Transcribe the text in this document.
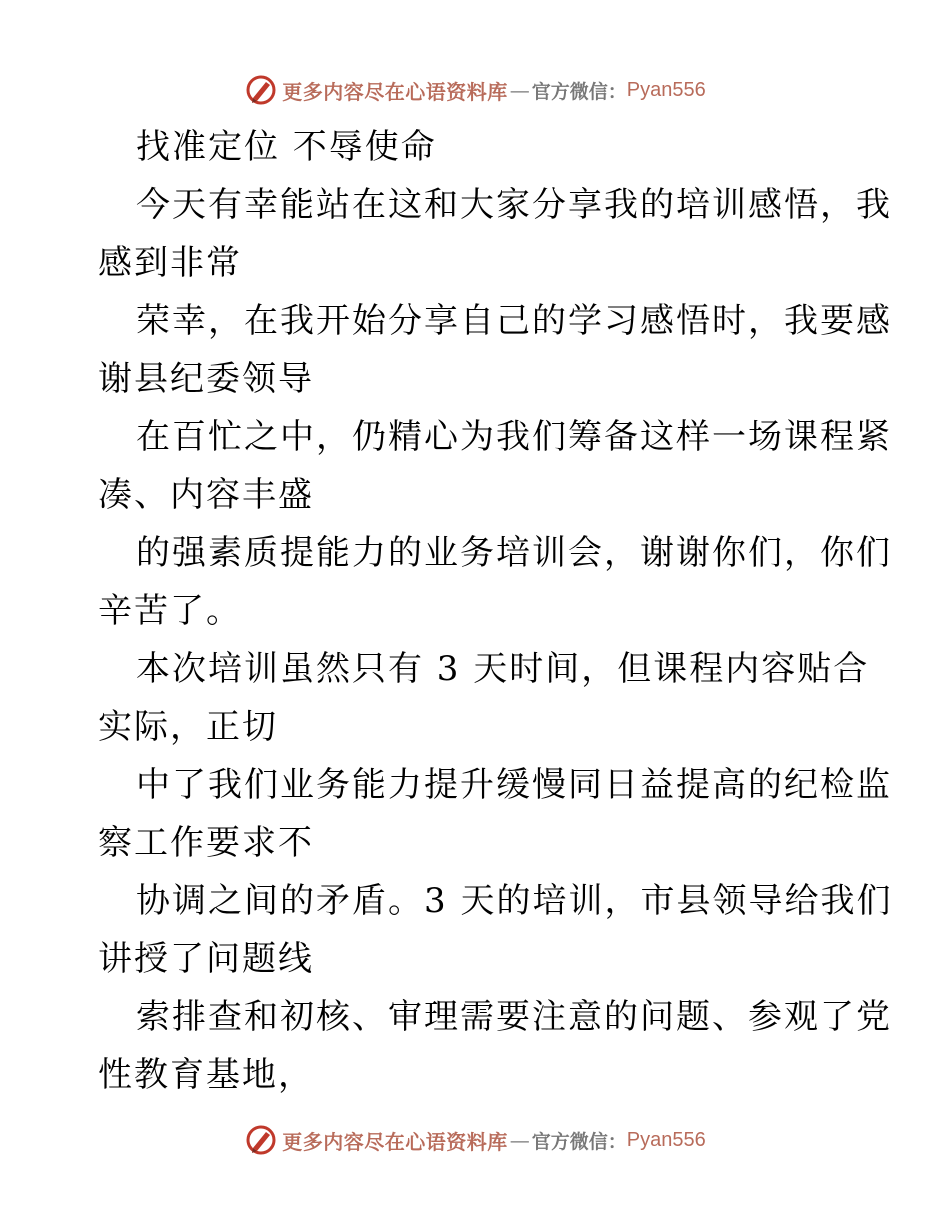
更多内容尽在心语资料库 — 官方微信： Pyan556
找准定位 不辱使命
今天有幸能站在这和大家分享我的培训感悟，我
感到非常
荣幸，在我开始分享自己的学习感悟时，我要感
谢县纪委领导
在百忙之中，仍精心为我们筹备这样一场课程紧
凑、内容丰盛
的强素质提能力的业务培训会，谢谢你们，你们
辛苦了。
本次培训虽然只有 3 天时间，但课程内容贴合
实际，正切
中了我们业务能力提升缓慢同日益提高的纪检监
察工作要求不
协调之间的矛盾。3 天的培训，市县领导给我们
讲授了问题线
索排查和初核、审理需要注意的问题、参观了党
性教育基地，
更多内容尽在心语资料库 — 官方微信： Pyan556
